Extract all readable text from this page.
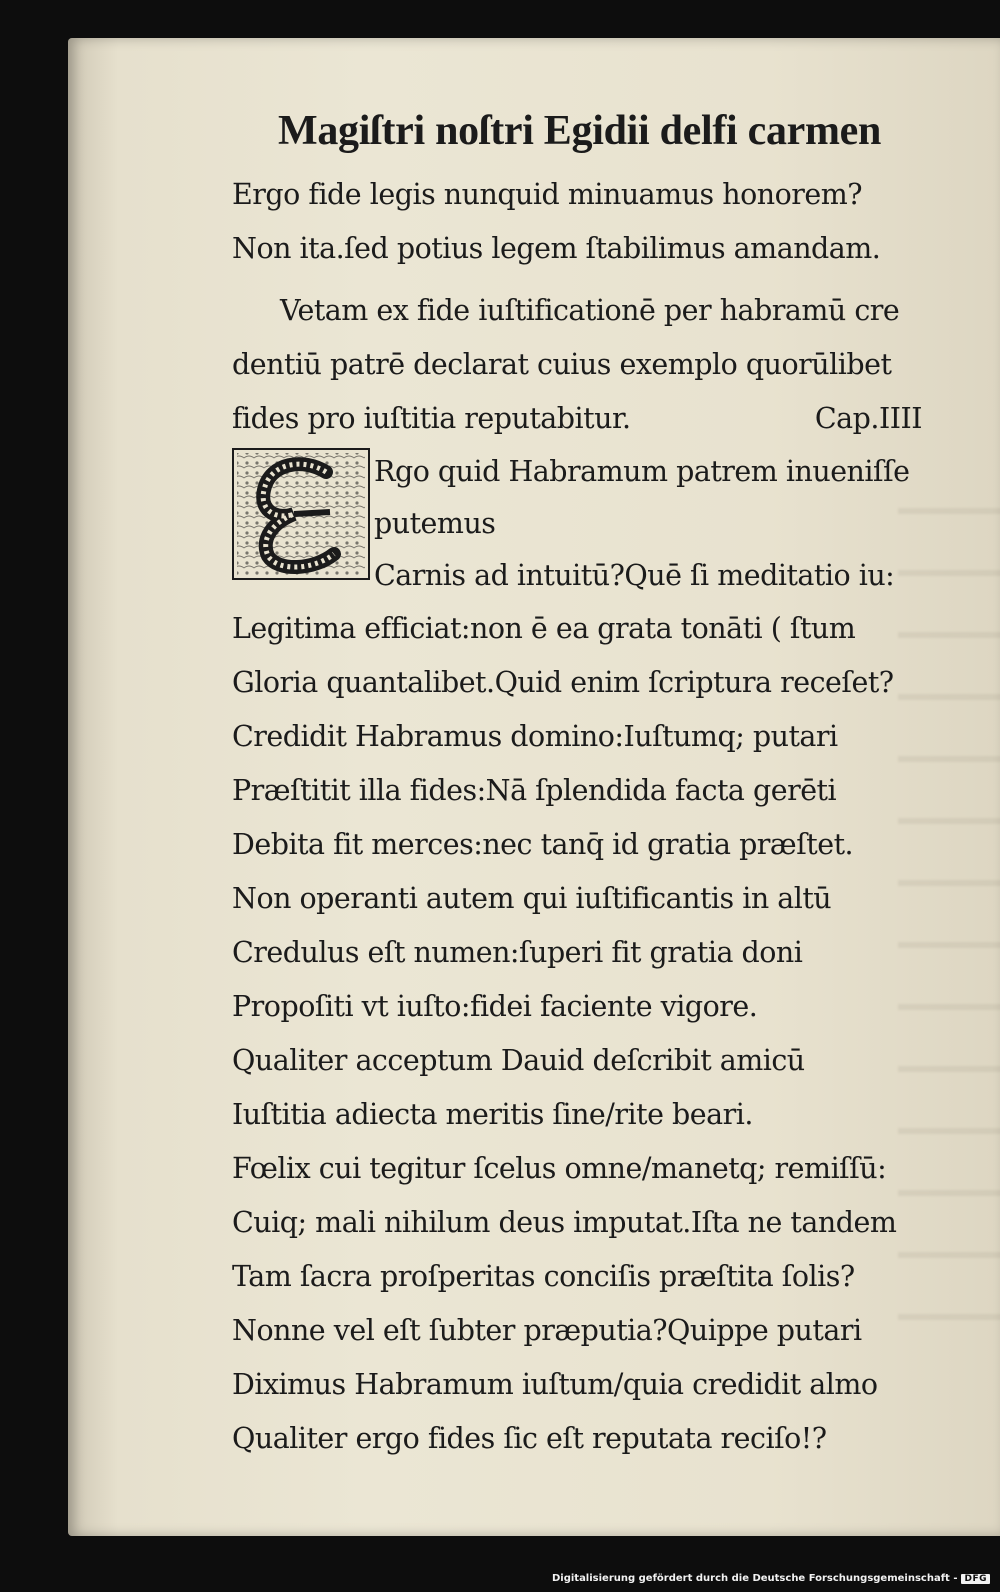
Magiſtri noſtri Egidii delfi carmen
Ergo fide legis nunquid minuamus honorem?
Non ita.ſed potius legem ſtabilimus amandam.
Vetam ex fide iuſtificationē per habramū cre
dentiū patrē declarat cuius exemplo quorūlibet
fides pro iuſtitia reputabitur.	Cap.IIII
Rgo quid Habramum patrem inueniſſe
putemus
Carnis ad intuitū?Quē ſi meditatio iu:
Legitima efficiat:non ē ea grata tonāti ( ſtum
Gloria quantalibet.Quid enim ſcriptura receſet?
Credidit Habramus domino:Iuſtumq; putari
Præſtitit illa fides:Nā ſplendida facta gerēti
Debita fit merces:nec tanq̄ id gratia præſtet.
Non operanti autem qui iuſtificantis in altū
Credulus eſt numen:ſuperi fit gratia doni
Propoſiti vt iuſto:fidei faciente vigore.
Qualiter acceptum Dauid deſcribit amicū
Iuſtitia adiecta meritis ſine/rite beari.
Fœlix cui tegitur ſcelus omne/manetq; remiſſū:
Cuiq; mali nihilum deus imputat.Iſta ne tandem
Tam ſacra proſperitas conciſis præſtita ſolis?
Nonne vel eſt ſubter præputia?Quippe putari
Diximus Habramum iuſtum/quia credidit almo
Qualiter ergo fides ſic eſt reputata reciſo!?
Digitalisierung gefördert durch die Deutsche Forschungsgemeinschaft - DFG
